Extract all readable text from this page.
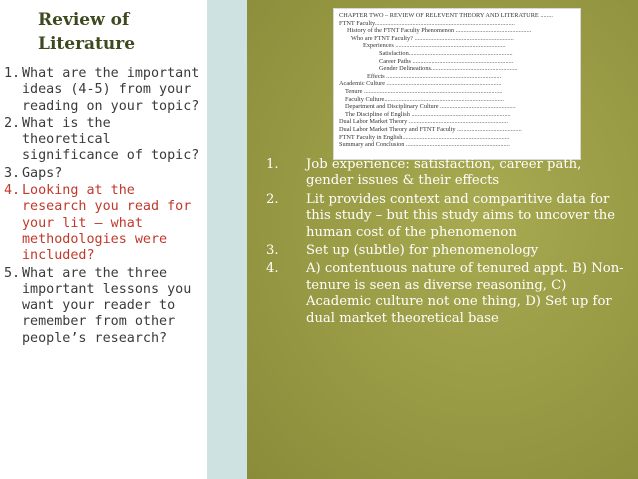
Review of
Literature
1. What are the important ideas (4-5) from your reading on your topic?
2. What is the theoretical significance of topic?
3. Gaps?
4. Looking at the research you read for your lit – what methodologies were included?
5. What are the three important lessons you want your reader to remember from other people’s research?
CHAPTER TWO – REVIEW OF RELEVENT THEORY AND LITERATURE ........
FTNT Faculty.........................................................................................
History of the FTNT Faculty Phenomenon ................................................
Who are FTNT Faculty? ...............................................................
Experiences ......................................................................
Satisfaction..................................................................
Career Paths ................................................................
Gender Delineations.......................................................
Effects .........................................................................
Academic Culture .........................................................................
Tenure ........................................................................................
Faculty Culture............................................................................
Department and Disciplinary Culture ................................................
The Discipline of English ...............................................................
Dual Labor Market Theory ...............................................................
Dual Labor Market Theory and FTNT Faculty .........................................
FTNT Faculty in English....................................................................
Summary and Conclusion ..................................................................
1. Job experience: satisfaction, career path, gender issues & their effects
2. Lit provides context and comparitive data for this study – but this study aims to uncover the human cost of the phenomenon
3. Set up (subtle) for phenomenology
4. A) contentuous nature of tenured appt. B) Non-tenure is seen as diverse reasoning, C) Academic culture not one thing, D) Set up for dual market theoretical base
